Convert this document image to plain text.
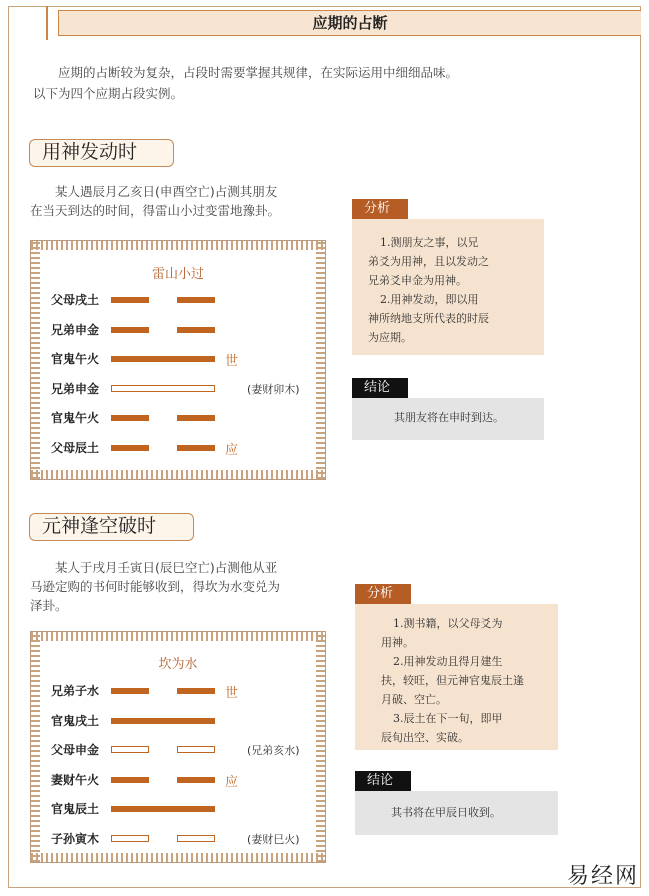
应期的占断
应期的占断较为复杂，占段时需要掌握其规律，在实际运用中细细品味。
以下为四个应期占段实例。
用神发动时
某人遇辰月乙亥日(申酉空亡)占测其朋友
在当天到达的时间，得雷山小过变雷地豫卦。
雷山小过
父母戌土
兄弟申金
官鬼午火	世
兄弟申金	(妻财卯木)
官鬼午火
父母辰土	应
分析
1.测朋友之事，以兄
弟爻为用神，且以发动之
兄弟爻申金为用神。
2.用神发动，即以用
神所纳地支所代表的时辰
为应期。
结论
其朋友将在申时到达。
元神逢空破时
某人于戌月壬寅日(辰巳空亡)占测他从亚
马逊定购的书何时能够收到，得坎为水变兑为
泽卦。
坎为水
兄弟子水	世
官鬼戌土
父母申金	(兄弟亥水)
妻财午火	应
官鬼辰土
子孙寅木	(妻财巳火)
分析
1.测书籍，以父母爻为
用神。
2.用神发动且得月建生
扶，较旺，但元神官鬼辰土逢
月破、空亡。
3.辰土在下一旬，即甲
辰旬出空、实破。
结论
其书将在甲辰日收到。
易经网
